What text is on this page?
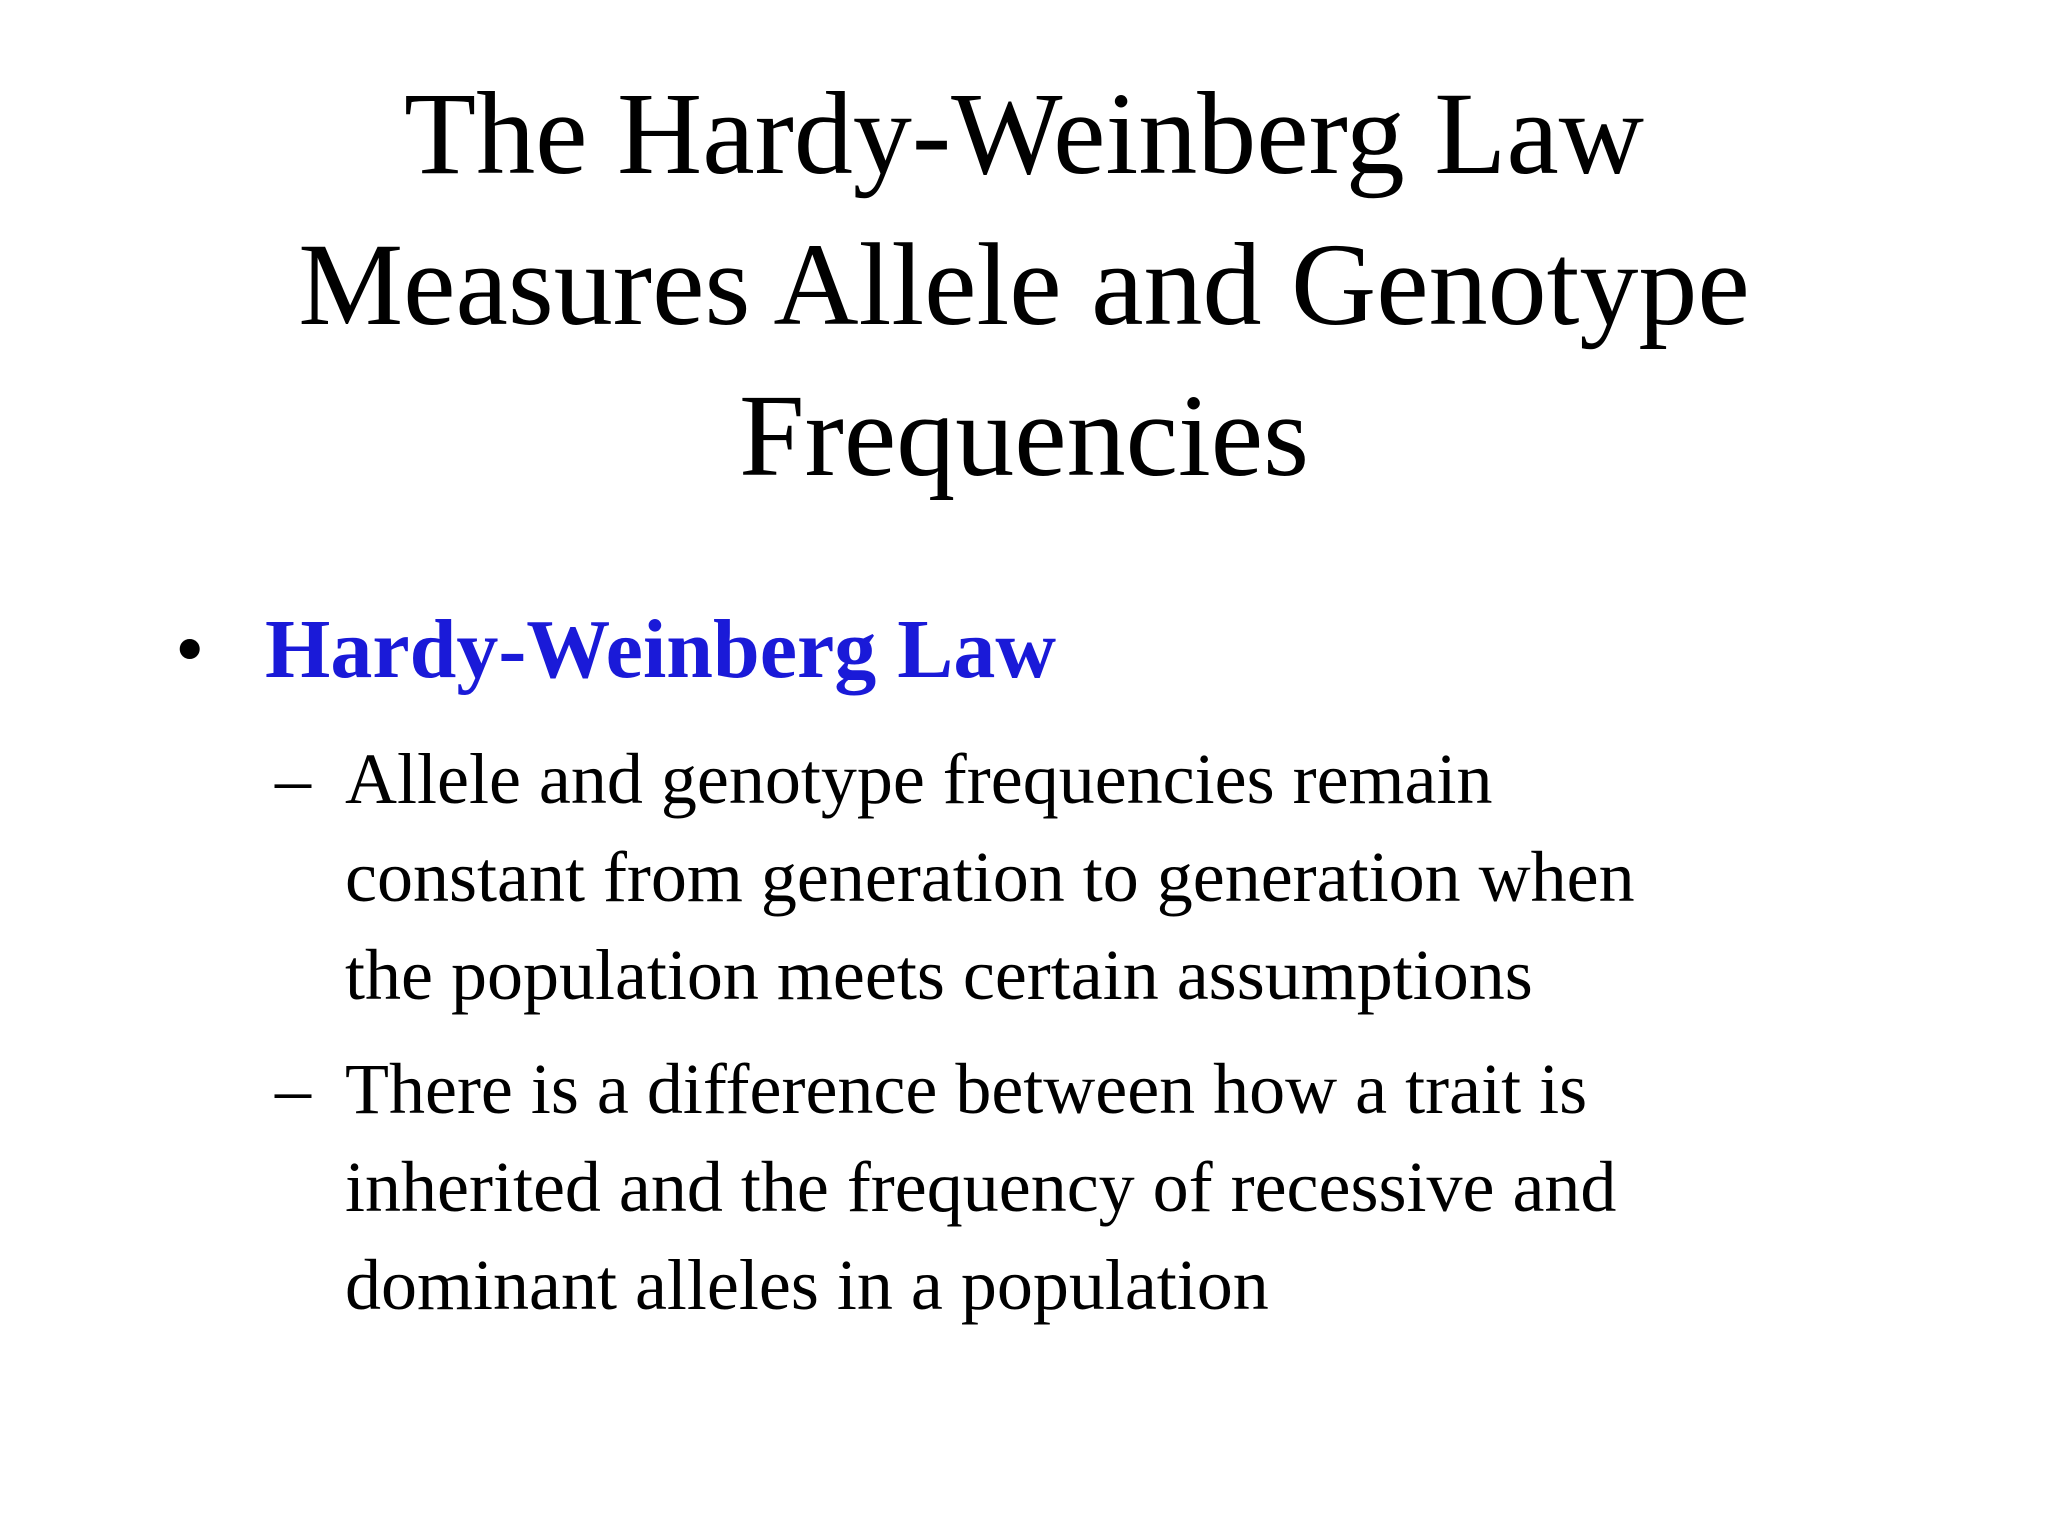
The Hardy-Weinberg Law
Measures Allele and Genotype
Frequencies
• Hardy-Weinberg Law
– Allele and genotype frequencies remain
constant from generation to generation when
the population meets certain assumptions
– There is a difference between how a trait is
inherited and the frequency of recessive and
dominant alleles in a population
